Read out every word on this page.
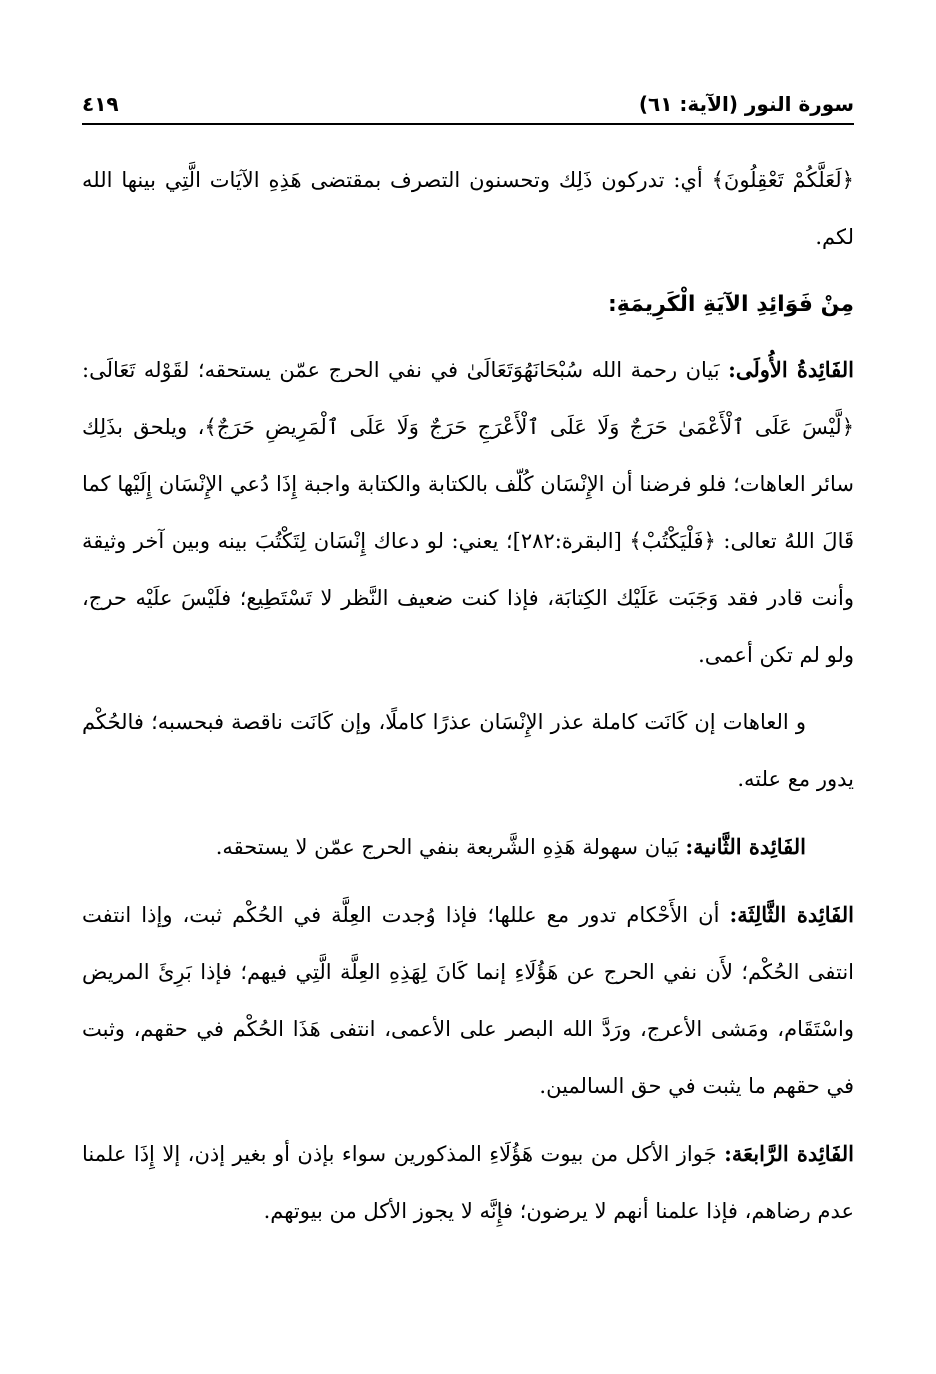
سورة النور (الآية: ٦١)
٤١٩

﴿لَعَلَّكُمْ تَعْقِلُونَ﴾ أي: تدركون ذَلِك وتحسنون التصرف بمقتضى هَذِهِ الآيَات الَّتِي بينها الله لكم.

مِنْ فَوَائِدِ الآيَةِ الْكَرِيمَةِ:

الفَائِدةُ الأُولَى: بَيان رحمة الله سُبْحَانَهُوَتَعَالَىٰ في نفي الحرج عمّن يستحقه؛ لقَوْله تَعَالَى: ﴿لَّيْسَ عَلَى ٱلْأَعْمَىٰ حَرَجٌ وَلَا عَلَى ٱلْأَعْرَجِ حَرَجٌ وَلَا عَلَى ٱلْمَرِيضِ حَرَجٌ﴾، ويلحق بذَلِك سائر العاهات؛ فلو فرضنا أن الإِنْسَان كُلّف بالكتابة والكتابة واجبة إِذَا دُعي الإِنْسَان إِلَيْها كما قَالَ اللهُ تعالى: ﴿فَلْيَكْتُبْ﴾ [البقرة:٢٨٢]؛ يعني: لو دعاك إِنْسَان لِتَكْتُبَ بينه وبين آخر وثيقة وأنت قادر فقد وَجَبَت عَلَيْك الكِتابَة، فإذا كنت ضعيف النَّظر لا تَسْتَطِيع؛ فلَيْسَ علَيْه حرج، ولو لم تكن أعمى.

و العاهات إن كَانَت كاملة عذر الإِنْسَان عذرًا كاملًا، وإن كَانَت ناقصة فبحسبه؛ فالحُكْم يدور مع علته.

الفَائِدة الثَّانية: بَيان سهولة هَذِهِ الشَّريعة بنفي الحرج عمّن لا يستحقه.

الفَائِدة الثَّالِثَة: أن الأَحْكام تدور مع عللها؛ فإذا وُجدت العِلَّة في الحُكْم ثبت، وإذا انتفت انتفى الحُكْم؛ لأَن نفي الحرج عن هَؤُلَاءِ إنما كَانَ لِهَذِهِ العِلَّة الَّتِي فيهم؛ فإذا بَرِئَ المريض واسْتَقَام، ومَشى الأعرج، ورَدَّ الله البصر على الأعمى، انتفى هَذَا الحُكْم في حقهم، وثبت في حقهم ما يثبت في حق السالمين.

الفَائِدة الرَّابعَة: جَواز الأكل من بيوت هَؤُلَاءِ المذكورين سواء بإذن أو بغير إذن، إلا إِذَا علمنا عدم رضاهم، فإذا علمنا أنهم لا يرضون؛ فإِنَّه لا يجوز الأكل من بيوتهم.
